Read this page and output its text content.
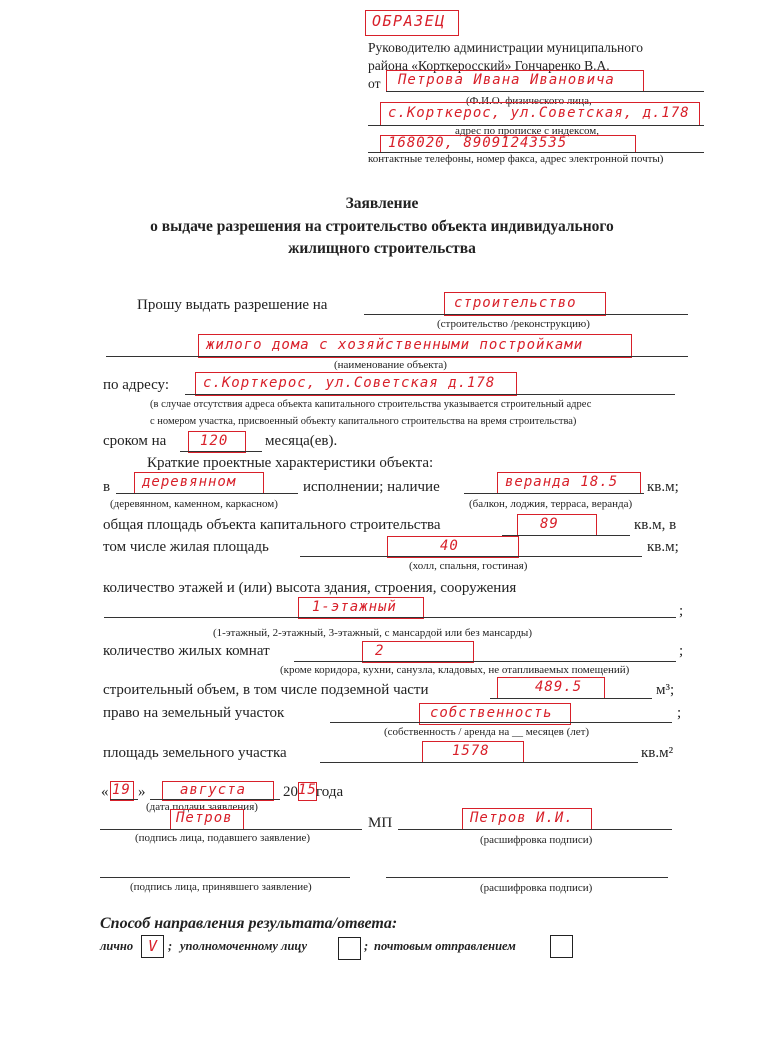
ОБРАЗЕЦ
Руководителю администрации муниципального
района «Корткеросский» Гончаренко В.А.
от Петрова Ивана Ивановича
(Ф.И.О. физического лица,
с.Корткерос, ул.Советская, д.178
адрес по прописке с индексом,
168020, 89091243535
контактные телефоны, номер факса, адрес электронной почты)
Заявление
о выдаче разрешения на строительство объекта индивидуального
жилищного строительства
Прошу выдать разрешение на	строительство
(строительство /реконструкцию)
жилого дома с хозяйственными постройками
(наименование объекта)
по адресу: с.Корткерос, ул.Советская д.178
(в случае отсутствия адреса объекта капитального строительства указывается строительный адрес
с номером участка, присвоенный объекту капитального строительства на время строительства)
сроком на 120 месяца(ев).
Краткие проектные характеристики объекта:
в деревянном	исполнении; наличие	веранда 18.5 кв.м;
(деревянном, каменном, каркасном)	(балкон, лоджия, терраса, веранда)
общая площадь объекта капитального строительства	89	кв.м, в
том числе жилая площадь	40	кв.м;
(холл, спальня, гостиная)
количество этажей и (или) высота здания, строения, сооружения
1-этажный	;
(1-этажный, 2-этажный, 3-этажный, с мансардой или без мансарды)
количество жилых комнат	2	;
(кроме коридора, кухни, санузла, кладовых, не отапливаемых помещений)
строительный объем, в том числе подземной части	489.5	м³;
право на земельный участок	собственность	;
(собственность / аренда на __ месяцев (лет)
площадь земельного участка	1578	кв.м²
« 19 » августа 20 15 года
(дата подачи заявления)
Петров	МП	Петров И.И.
(подпись лица, подавшего заявление)	(расшифровка подписи)
(подпись лица, принявшего заявление)	(расшифровка подписи)
Способ направления результата/ответа:
лично V ; уполномоченному лицу	; почтовым отправлением
